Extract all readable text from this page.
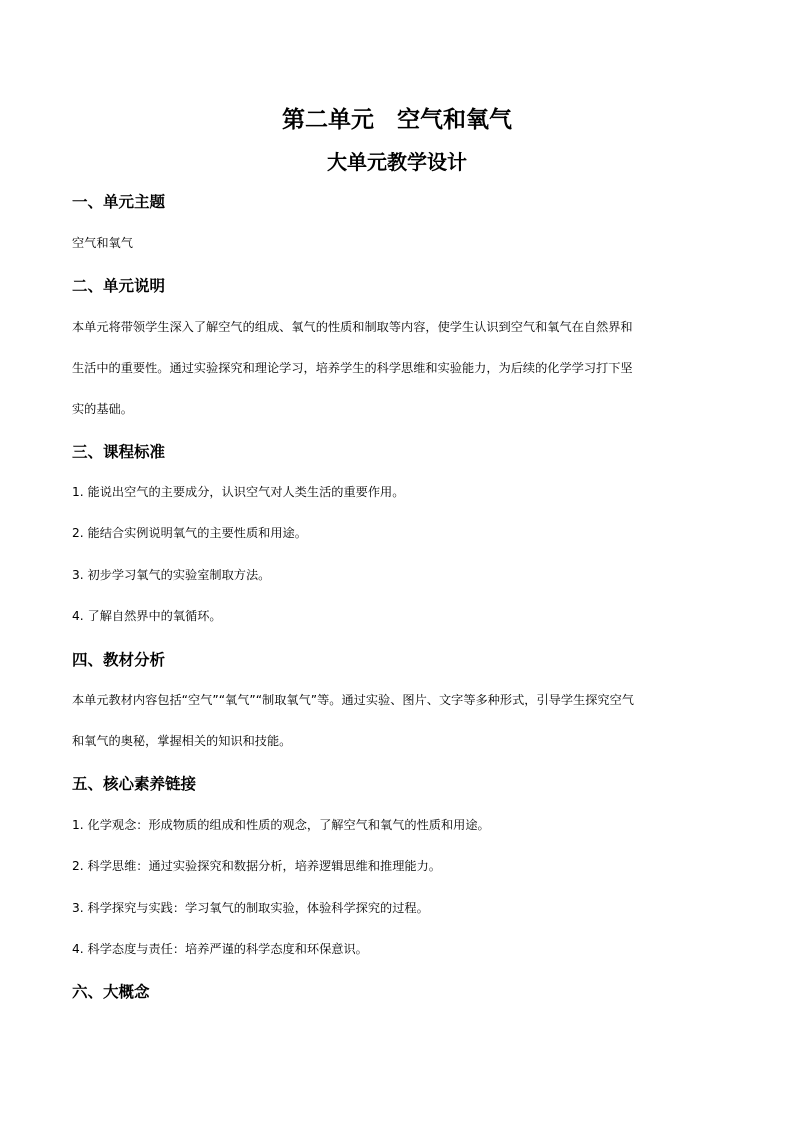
第二单元　空气和氧气
大单元教学设计
一、单元主题
空气和氧气
二、单元说明
本单元将带领学生深入了解空气的组成、氧气的性质和制取等内容，使学生认识到空气和氧气在自然界和
生活中的重要性。通过实验探究和理论学习，培养学生的科学思维和实验能力，为后续的化学学习打下坚
实的基础。
三、课程标准
1. 能说出空气的主要成分，认识空气对人类生活的重要作用。
2. 能结合实例说明氧气的主要性质和用途。
3. 初步学习氧气的实验室制取方法。
4. 了解自然界中的氧循环。
四、教材分析
本单元教材内容包括“空气”“氧气”“制取氧气”等。通过实验、图片、文字等多种形式，引导学生探究空气
和氧气的奥秘，掌握相关的知识和技能。
五、核心素养链接
1. 化学观念：形成物质的组成和性质的观念，了解空气和氧气的性质和用途。
2. 科学思维：通过实验探究和数据分析，培养逻辑思维和推理能力。
3. 科学探究与实践：学习氧气的制取实验，体验科学探究的过程。
4. 科学态度与责任：培养严谨的科学态度和环保意识。
六、大概念
